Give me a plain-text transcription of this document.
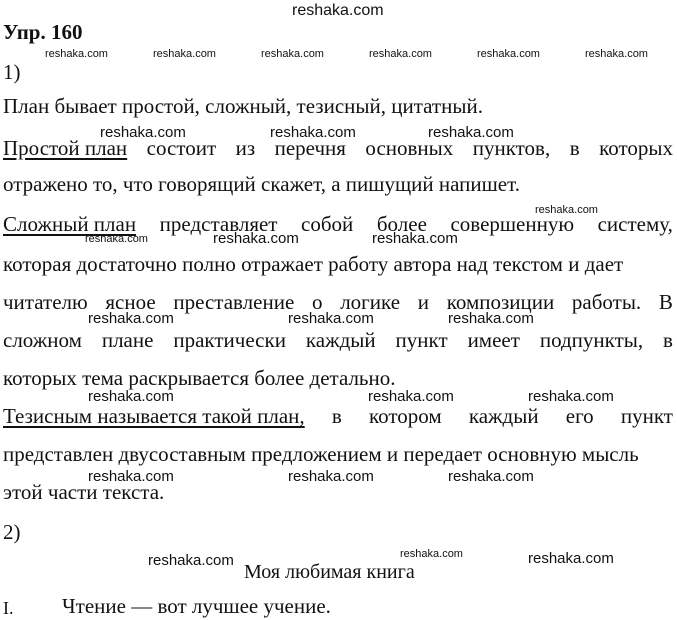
Упр. 160
reshaka.com
reshaka.com	reshaka.com	reshaka.com	reshaka.com	reshaka.com	reshaka.com
1)
План бывает простой, сложный, тезисный, цитатный.
reshaka.com	reshaka.com	reshaka.com
Простой план состоит из перечня основных пунктов, в которых
отражено то, что говорящий скажет, а пишущий напишет.
reshaka.com
Сложный план представляет собой более совершенную систему,
reshaka.com	reshaka.com	reshaka.com
которая достаточно полно отражает работу автора над текстом и дает
читателю ясное преставление о логике и композиции работы. В
reshaka.com	reshaka.com	reshaka.com
сложном плане практически каждый пункт имеет подпункты, в
которых тема раскрывается более детально.
reshaka.com	reshaka.com	reshaka.com
Тезисным называется такой план, в котором каждый его пункт
представлен двусоставным предложением и передает основную мысль
reshaka.com	reshaka.com	reshaka.com
этой части текста.
2)
reshaka.com
reshaka.com	reshaka.com
Моя любимая книга
I. Чтение — вот лучшее учение.
